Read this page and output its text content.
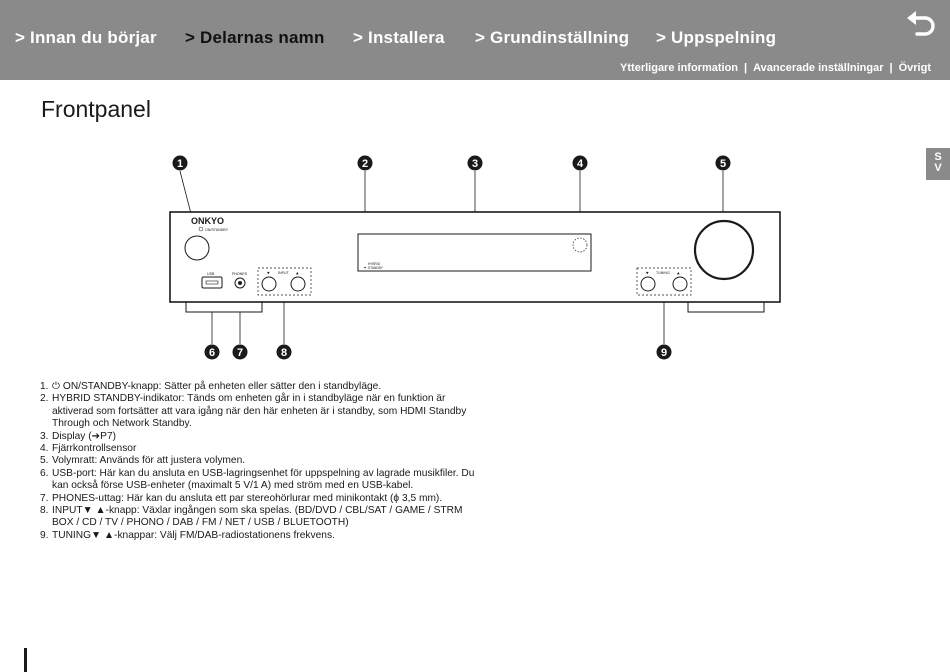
> Innan du börjar > Delarnas namn > Installera > Grundinställning > Uppspelning
Ytterligare information | Avancerade inställningar | Övrigt
Frontpanel
S
V
ONKYO
ON/STANDBY
USB	PHONES	INPUT
▼	▲
HYBRID
STANDBY
TUNING
▼	▲
1	2	3	4	5
6 7	8	9
1. ⏻ ON/STANDBY-knapp: Sätter på enheten eller sätter den i standbyläge.
2. HYBRID STANDBY-indikator: Tänds om enheten går in i standbyläge när en funktion är aktiverad som fortsätter att vara igång när den här enheten är i standby, som HDMI Standby Through och Network Standby.
3. Display (➔P7)
4. Fjärrkontrollsensor
5. Volymratt: Används för att justera volymen.
6. USB-port: Här kan du ansluta en USB-lagringsenhet för uppspelning av lagrade musikfiler. Du kan också förse USB-enheter (maximalt 5 V/1 A) med ström med en USB-kabel.
7. PHONES-uttag: Här kan du ansluta ett par stereohörlurar med minikontakt (ϕ 3,5 mm).
8. INPUT▼ ▲-knapp: Växlar ingången som ska spelas. (BD/DVD / CBL/SAT / GAME / STRM BOX / CD / TV / PHONO / DAB / FM / NET / USB / BLUETOOTH)
9. TUNING▼ ▲-knappar: Välj FM/DAB-radiostationens frekvens.
